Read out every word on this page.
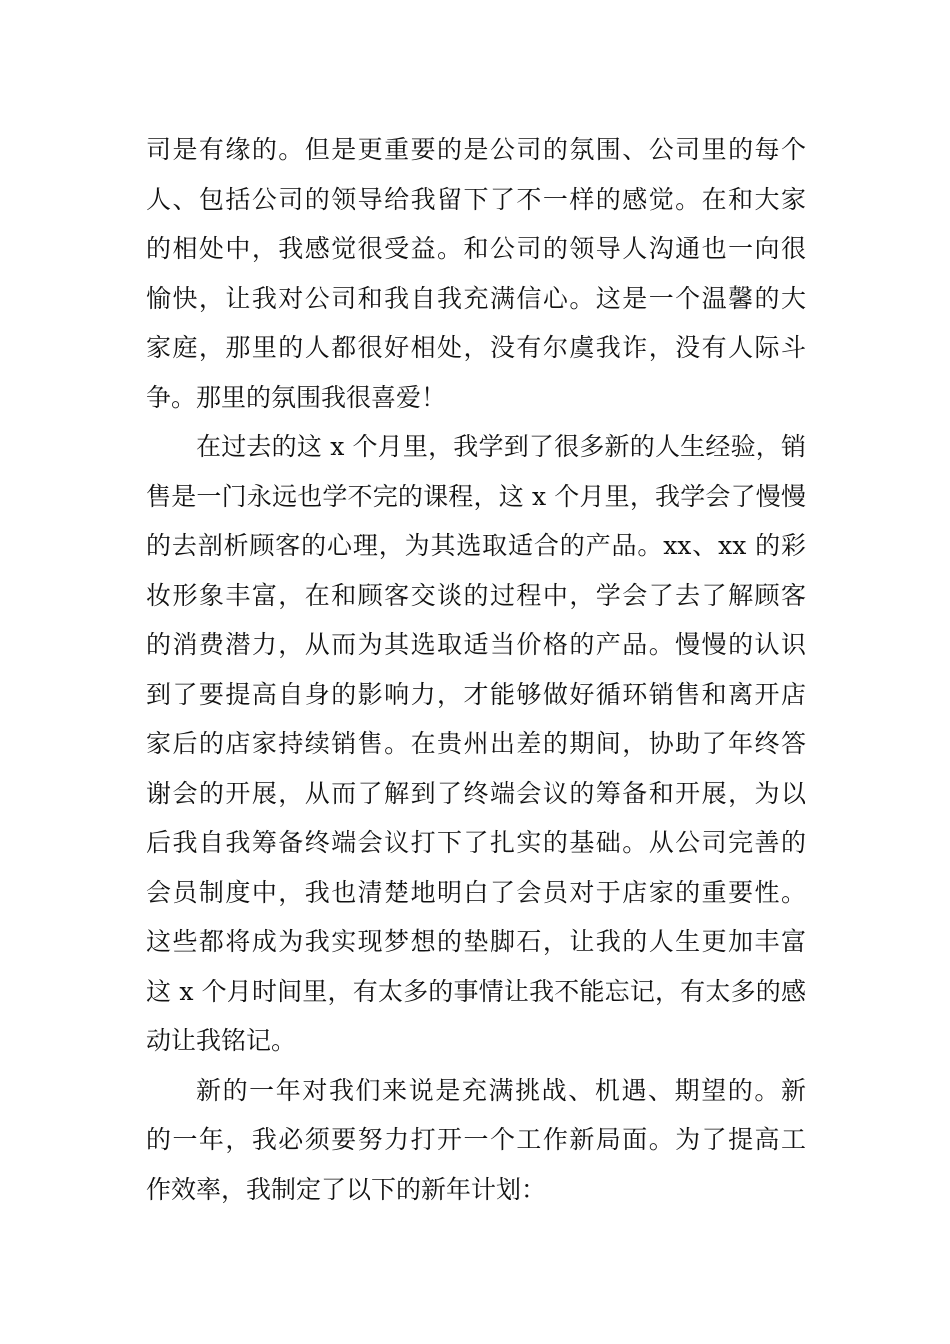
司是有缘的。但是更重要的是公司的氛围、公司里的每个
人、包括公司的领导给我留下了不一样的感觉。在和大家
的相处中，我感觉很受益。和公司的领导人沟通也一向很
愉快，让我对公司和我自我充满信心。这是一个温馨的大
家庭，那里的人都很好相处，没有尔虞我诈，没有人际斗
争。那里的氛围我很喜爱！
在过去的这 x 个月里，我学到了很多新的人生经验，销
售是一门永远也学不完的课程，这 x 个月里，我学会了慢慢
的去剖析顾客的心理，为其选取适合的产品。xx、xx 的彩
妆形象丰富，在和顾客交谈的过程中，学会了去了解顾客
的消费潜力，从而为其选取适当价格的产品。慢慢的认识
到了要提高自身的影响力，才能够做好循环销售和离开店
家后的店家持续销售。在贵州出差的期间，协助了年终答
谢会的开展，从而了解到了终端会议的筹备和开展，为以
后我自我筹备终端会议打下了扎实的基础。从公司完善的
会员制度中，我也清楚地明白了会员对于店家的重要性。
这些都将成为我实现梦想的垫脚石，让我的人生更加丰富
这 x 个月时间里，有太多的事情让我不能忘记，有太多的感
动让我铭记。
新的一年对我们来说是充满挑战、机遇、期望的。新
的一年，我必须要努力打开一个工作新局面。为了提高工
作效率，我制定了以下的新年计划：
